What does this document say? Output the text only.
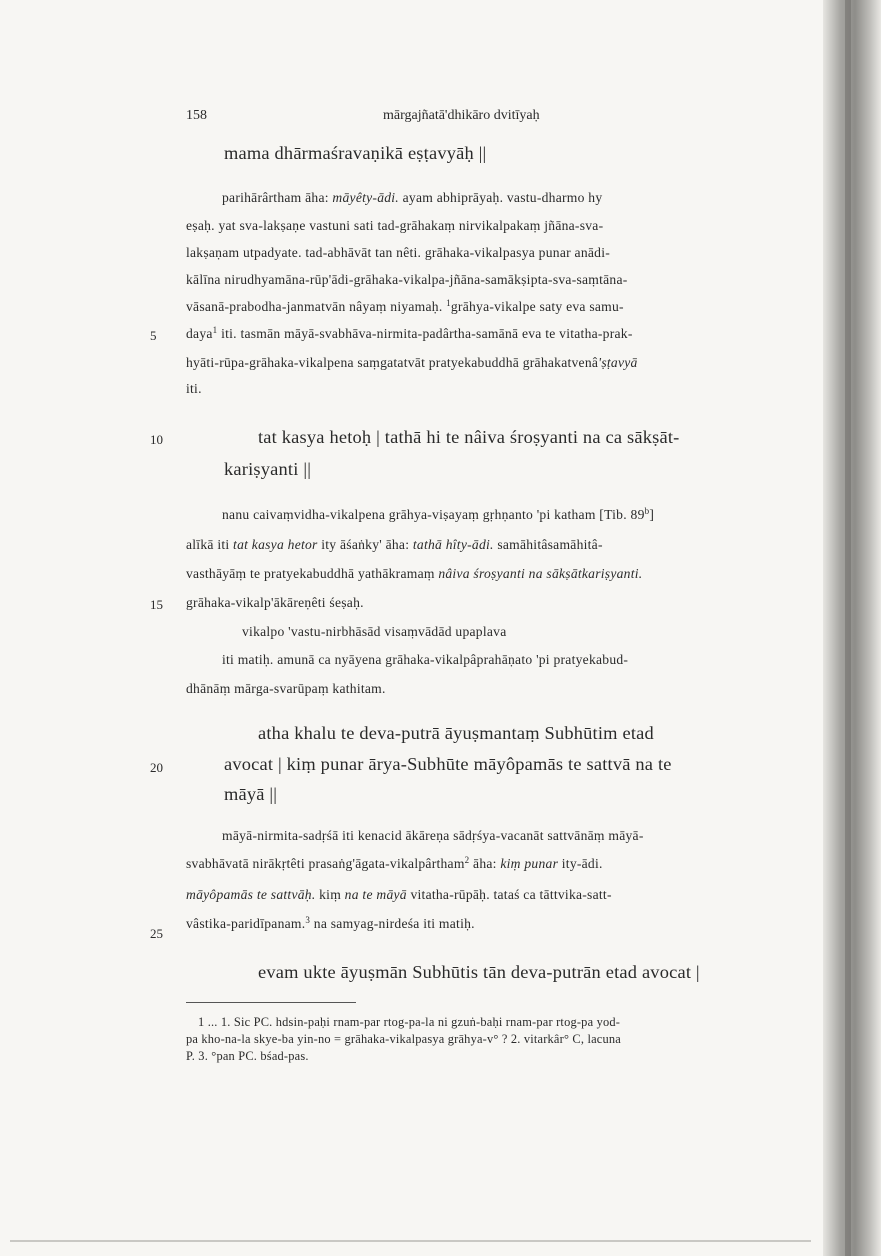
158	mārgajñatā'dhikāro dvitīyaḥ
5
10
15
20
25
mama dhārmaśravaṇikā eṣṭavyāḥ ||
parihārârtham āha: māyêty-ādi. ayam abhiprāyaḥ. vastu-dharmo hy
eṣaḥ. yat sva-lakṣaṇe vastuni sati tad-grāhakaṃ nirvikalpakaṃ jñāna-sva-
lakṣaṇam utpadyate. tad-abhāvāt tan nêti. grāhaka-vikalpasya punar anādi-
kālīna nirudhyamāna-rūp'ādi-grāhaka-vikalpa-jñāna-samākṣipta-sva-saṃtāna-
vāsanā-prabodha-janmatvān nâyaṃ niyamaḥ. $^1$grāhya-vikalpe saty eva samu-
daya$^1$ iti. tasmān māyā-svabhāva-nirmita-padârtha-samānā eva te vitatha-prak-
hyāti-rūpa-grāhaka-vikalpena saṃgatatvāt pratyekabuddhā grāhakatvenâ'ṣṭavyā
iti.
tat kasya hetoḥ | tathā hi te nâiva śroṣyanti na ca sākṣāt-
kariṣyanti ||
nanu caivaṃvidha-vikalpena grāhya-viṣayaṃ gṛhṇanto 'pi katham [Tib. 89$^b$]
alīkā iti tat kasya hetor ity āśaṅky' āha: tathā hîty-ādi. samāhitâsamāhitâ-
vasthāyāṃ te pratyekabuddhā yathākramaṃ nâiva śroṣyanti na sākṣātkariṣyanti.
grāhaka-vikalp'ākāreṇêti śeṣaḥ.
vikalpo 'vastu-nirbhāsād visaṃvādād upaplava
iti matiḥ. amunā ca nyāyena grāhaka-vikalpâprahāṇato 'pi pratyekabud-
dhānāṃ mārga-svarūpaṃ kathitam.
atha khalu te deva-putrā āyuṣmantaṃ Subhūtim etad
avocat | kiṃ punar ārya-Subhūte māyôpamās te sattvā na te
māyā ||
māyā-nirmita-sadṛśā iti kenacid ākāreṇa sādṛśya-vacanāt sattvānāṃ māyā-
svabhāvatā nirākṛtêti prasaṅg'āgata-vikalpârtham$^2$ āha: kiṃ punar ity-ādi.
māyôpamās te sattvāḥ. kiṃ na te māyā vitatha-rūpāḥ. tataś ca tāttvika-satt-
vâstika-paridīpanam.$^3$ na samyag-nirdeśa iti matiḥ.
evam ukte āyuṣmān Subhūtis tān deva-putrān etad avocat |
1 ... 1. Sic PC. hdsin-paḥi rnam-par rtog-pa-la ni gzuṅ-baḥi rnam-par rtog-pa yod-
pa kho-na-la skye-ba yin-no = grāhaka-vikalpasya grāhya-v° ? 2. vitarkâr° C, lacuna
P. 3. °pan PC. bśad-pas.
